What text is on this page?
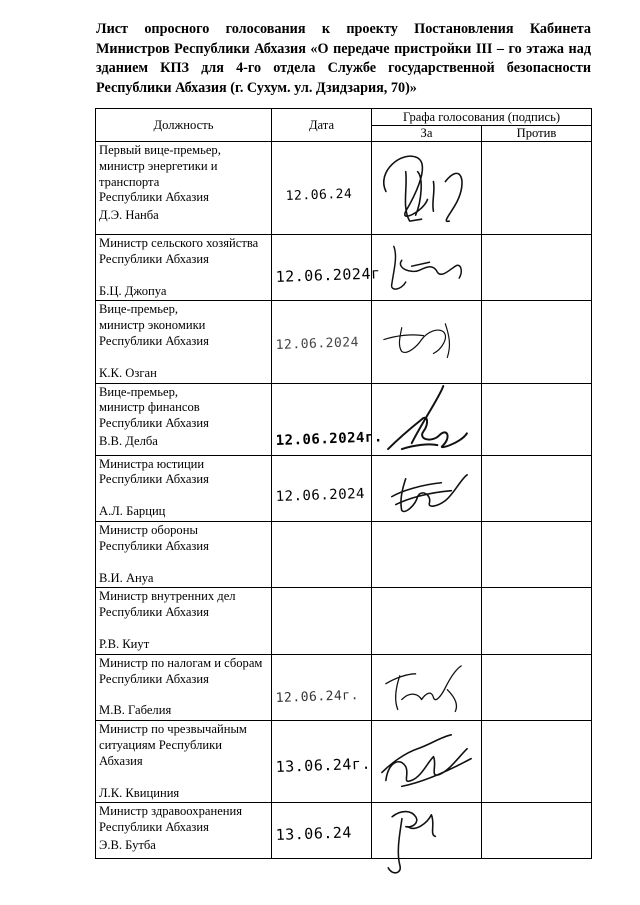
Лист опросного голосования к проекту Постановления Кабинета Министров Республики Абхазия «О передаче пристройки III – го этажа над зданием КПЗ для 4-го отдела Службе государственной безопасности Республики Абхазия (г. Сухум. ул. Дзидзария, 70)»
Должность	Дата	Графа голосования (подпись)	
		За	Против

Первый вице-премьер,
министр энергетики и
транспорта
Республики Абхазия
Д.Э. Нанба	12.06.24

Министр сельского хозяйства
Республики Абхазия
Б.Ц. Джопуа	12.06.2024г

Вице-премьер,
министр экономики
Республики Абхазия
К.К. Озган	12.06.2024

Вице-премьер,
министр финансов
Республики Абхазия
В.В. Делба	12.06.2024г.

Министра юстиции
Республики Абхазия
А.Л. Барциц	12.06.2024

Министр обороны
Республики Абхазия
В.И. Ануа			

Министр внутренних дел
Республики Абхазия
Р.В. Киут			

Министр по налогам и сборам
Республики Абхазия
М.В. Габелия	12.06.24г.

Министр по чрезвычайным
ситуациям Республики
Абхазия
Л.К. Квициния	13.06.24г.

Министр здравоохранения
Республики Абхазия
Э.В. Бутба	13.06.24
